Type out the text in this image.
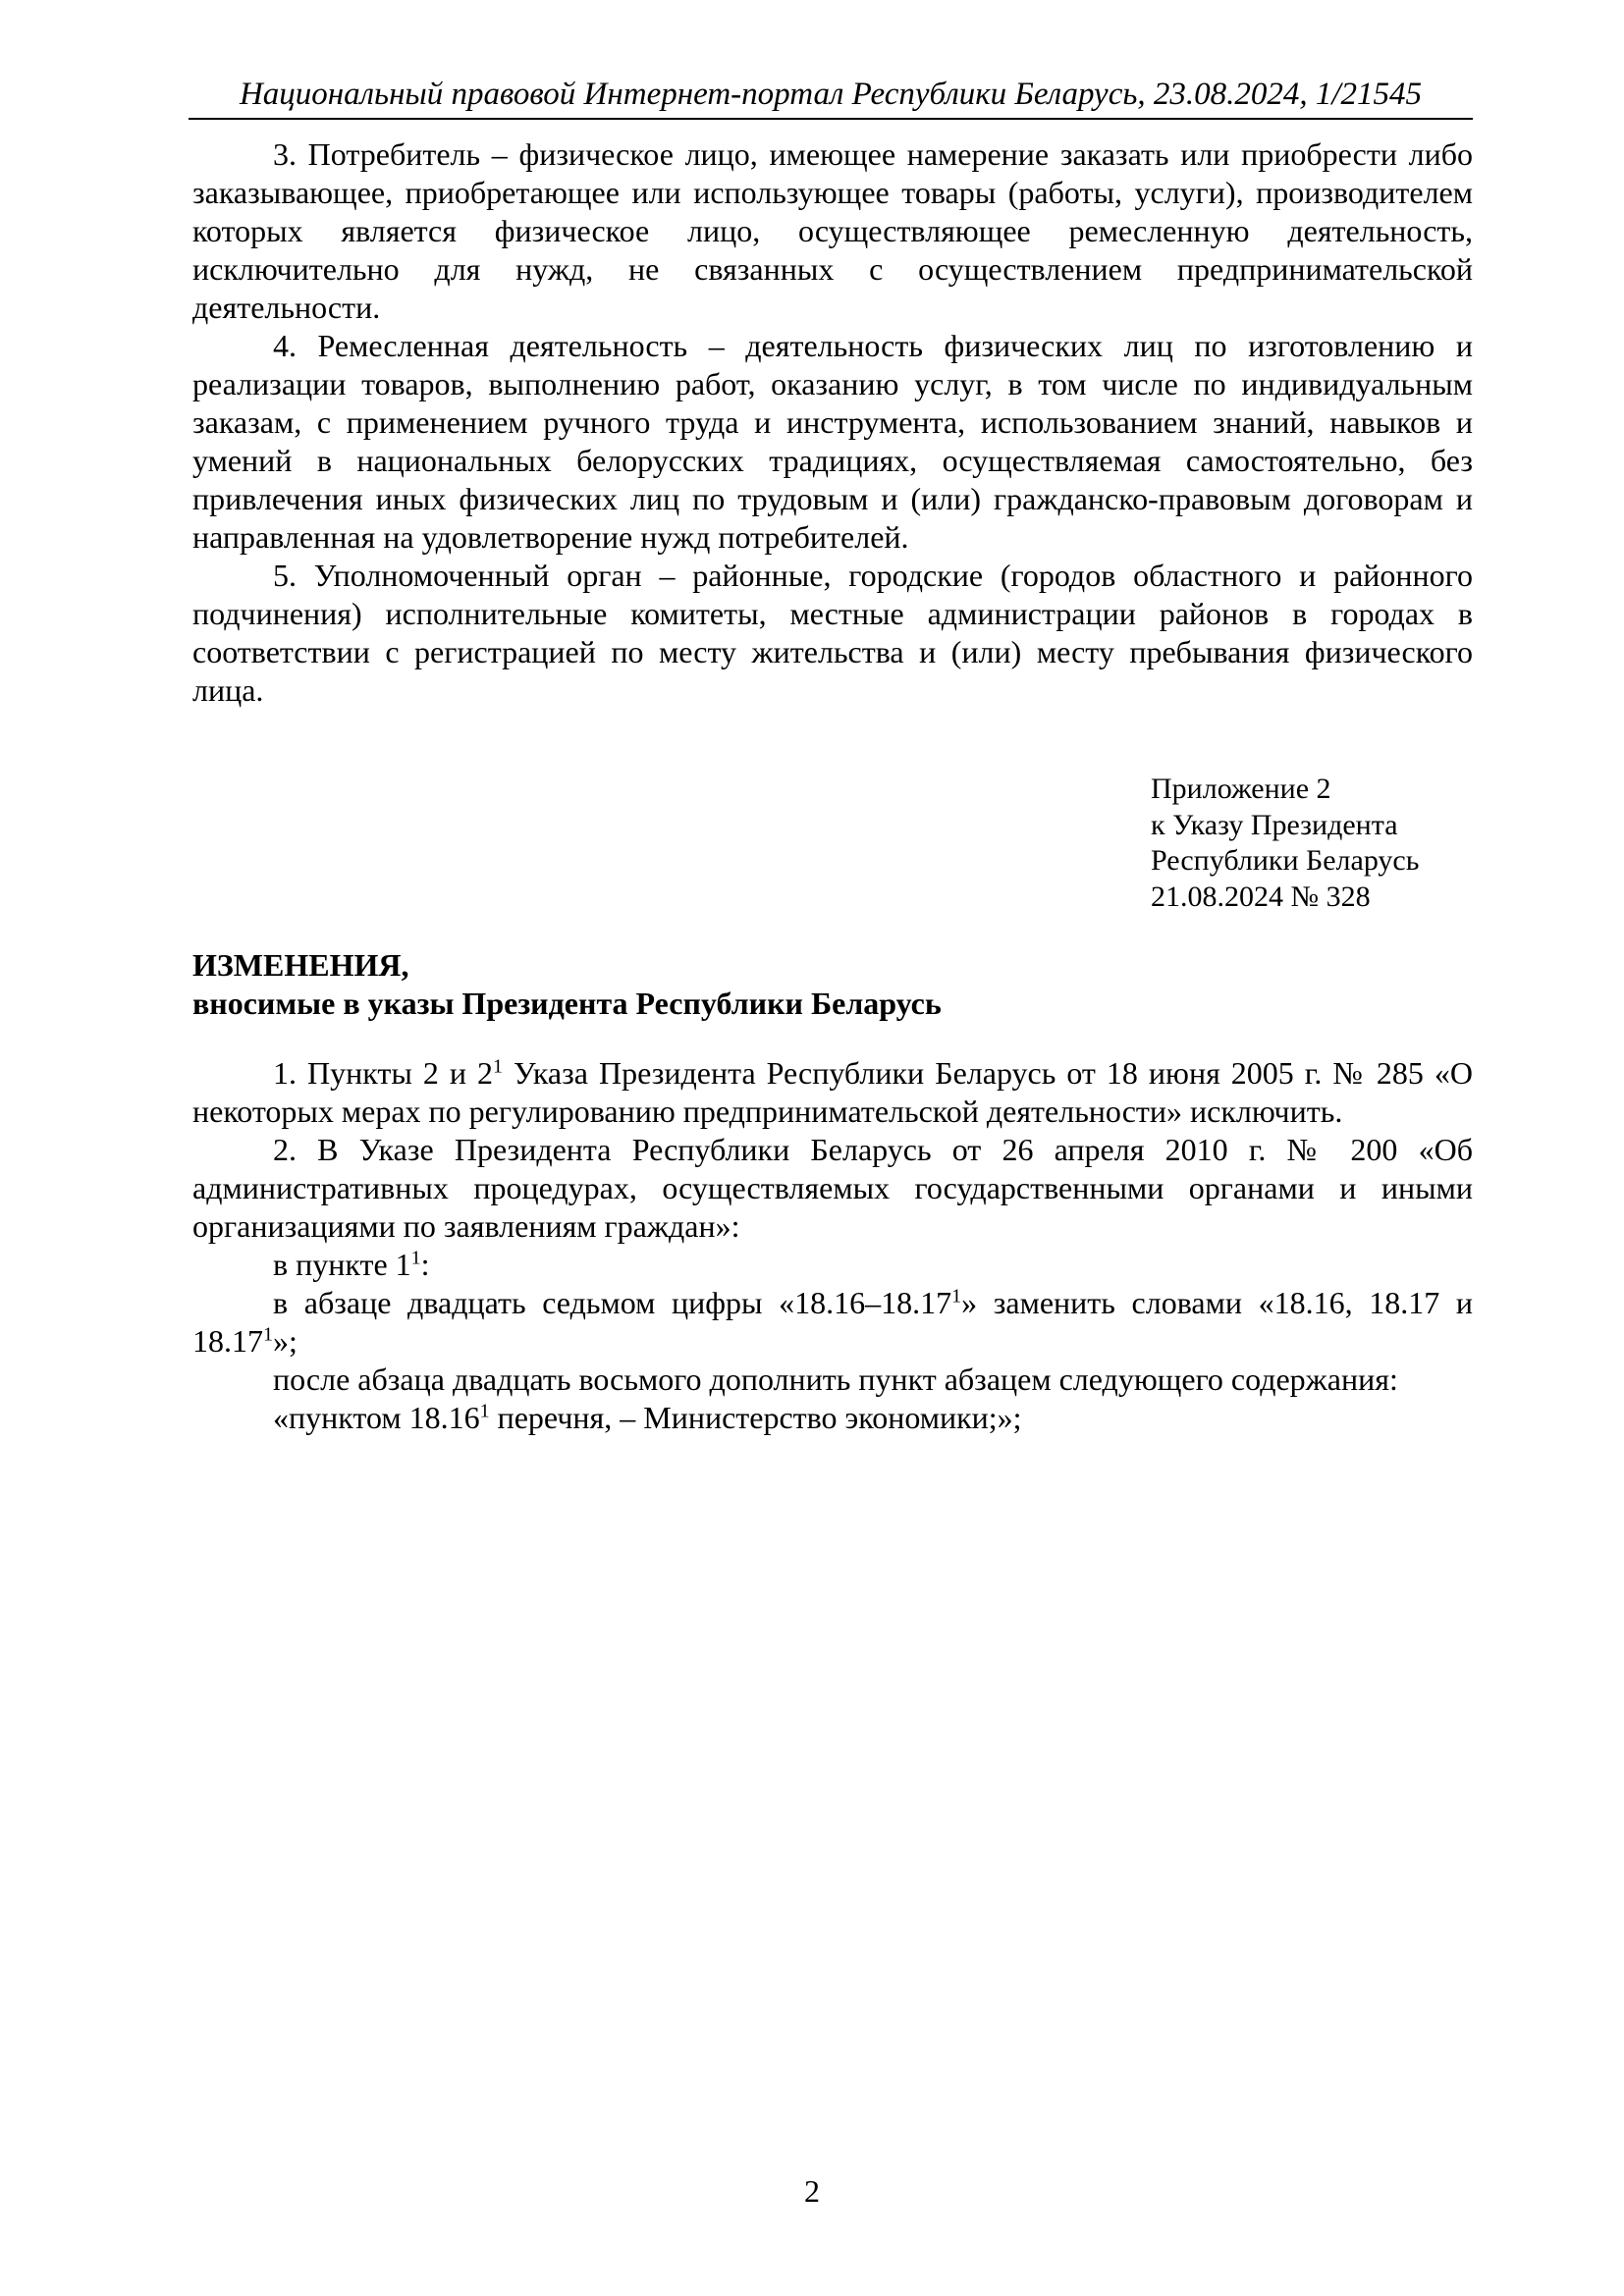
Национальный правовой Интернет-портал Республики Беларусь, 23.08.2024, 1/21545

3. Потребитель – физическое лицо, имеющее намерение заказать или приобрести либо заказывающее, приобретающее или использующее товары (работы, услуги), производителем которых является физическое лицо, осуществляющее ремесленную деятельность, исключительно для нужд, не связанных с осуществлением предпринимательской деятельности.

4. Ремесленная деятельность – деятельность физических лиц по изготовлению и реализации товаров, выполнению работ, оказанию услуг, в том числе по индивидуальным заказам, с применением ручного труда и инструмента, использованием знаний, навыков и умений в национальных белорусских традициях, осуществляемая самостоятельно, без привлечения иных физических лиц по трудовым и (или) гражданско-правовым договорам и направленная на удовлетворение нужд потребителей.

5. Уполномоченный орган – районные, городские (городов областного и районного подчинения) исполнительные комитеты, местные администрации районов в городах в соответствии с регистрацией по месту жительства и (или) месту пребывания физического лица.

Приложение 2
к Указу Президента
Республики Беларусь
21.08.2024 № 328
ИЗМЕНЕНИЯ,
вносимые в указы Президента Республики Беларусь

1. Пункты 2 и $2^1$ Указа Президента Республики Беларусь от 18 июня 2005 г. № 285 «О некоторых мерах по регулированию предпринимательской деятельности» исключить.

2. В Указе Президента Республики Беларусь от 26 апреля 2010 г. № 200 «Об административных процедурах, осуществляемых государственными органами и иными организациями по заявлениям граждан»:

в пункте $1^1$:

в абзаце двадцать седьмом цифры «18.16–18.17$^1$» заменить словами «18.16, 18.17 и 18.17$^1$»;

после абзаца двадцать восьмого дополнить пункт абзацем следующего содержания:

«пунктом 18.16$^1$ перечня, – Министерство экономики;»;

2
